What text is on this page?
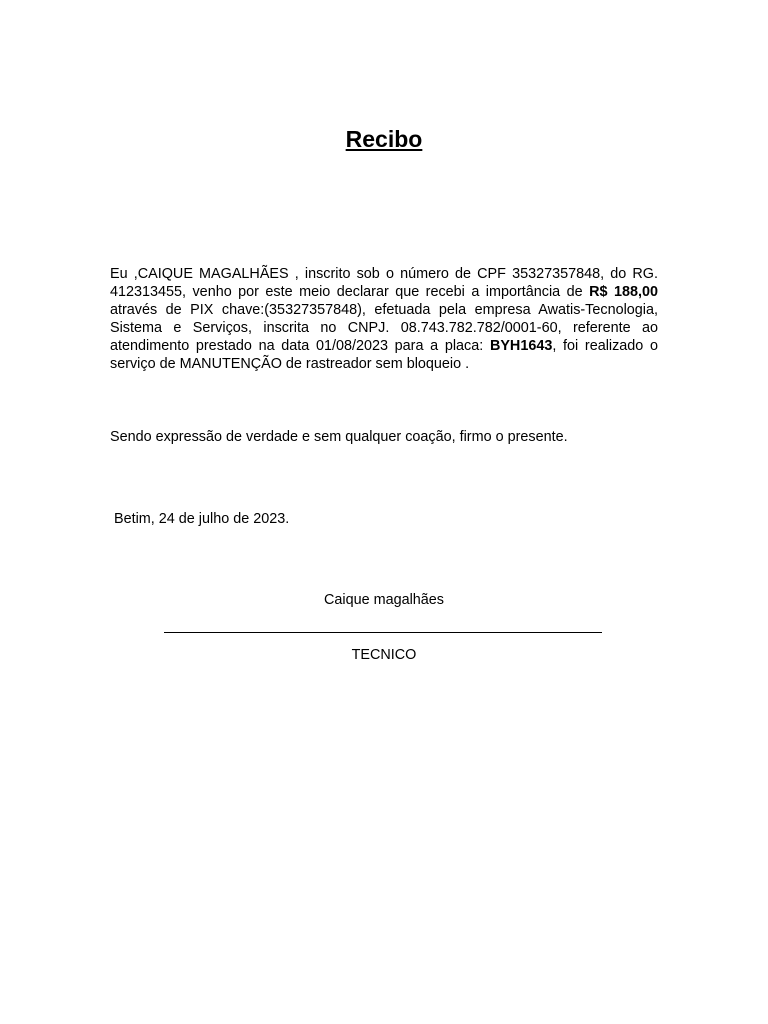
Recibo

Eu ,CAIQUE MAGALHÃES , inscrito sob o número de CPF 35327357848, do RG. 412313455, venho por este meio declarar que recebi a importância de R$ 188,00 através de PIX chave:(35327357848), efetuada pela empresa Awatis-Tecnologia, Sistema e Serviços, inscrita no CNPJ. 08.743.782.782/0001-60, referente ao atendimento prestado na data 01/08/2023 para a placa: BYH1643, foi realizado o serviço de MANUTENÇÃO de rastreador sem bloqueio .

Sendo expressão de verdade e sem qualquer coação, firmo o presente.

Betim, 24 de julho de 2023.

Caique magalhães
TECNICO
